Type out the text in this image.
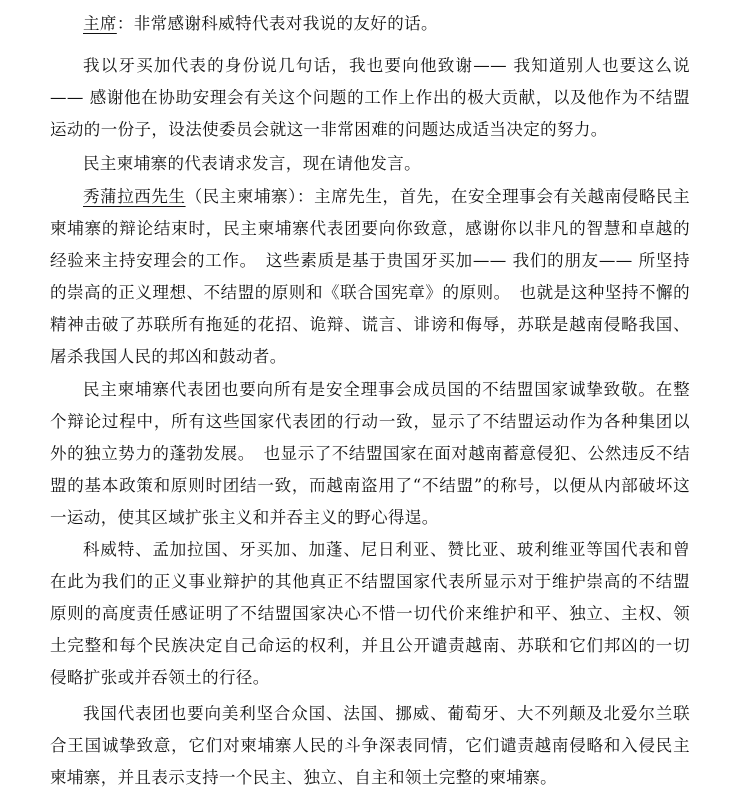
主席：非常感谢科威特代表对我说的友好的话。

我以牙买加代表的身份说几句话，我也要向他致谢—— 我知道别人也要这么说—— 感谢他在协助安理会有关这个问题的工作上作出的极大贡献，以及他作为不结盟运动的一份子，设法使委员会就这一非常困难的问题达成适当决定的努力。

民主柬埔寨的代表请求发言，现在请他发言。

秀蒲拉西先生（民主柬埔寨）：主席先生，首先，在安全理事会有关越南侵略民主柬埔寨的辩论结束时，民主柬埔寨代表团要向你致意，感谢你以非凡的智慧和卓越的经验来主持安理会的工作。　这些素质是基于贵国牙买加—— 我们的朋友—— 所坚持的崇高的正义理想、不结盟的原则和《联合国宪章》的原则。　也就是这种坚持不懈的精神击破了苏联所有拖延的花招、诡辩、谎言、诽谤和侮辱，苏联是越南侵略我国、屠杀我国人民的邦凶和鼓动者。

民主柬埔寨代表团也要向所有是安全理事会成员国的不结盟国家诚挚致敬。在整个辩论过程中，所有这些国家代表团的行动一致，显示了不结盟运动作为各种集团以外的独立势力的蓬勃发展。　也显示了不结盟国家在面对越南蓄意侵犯、公然违反不结盟的基本政策和原则时团结一致，而越南盗用了“不结盟”的称号，以便从内部破坏这一运动，使其区域扩张主义和并吞主义的野心得逞。

科威特、孟加拉国、牙买加、加蓬、尼日利亚、赞比亚、玻利维亚等国代表和曾在此为我们的正义事业辩护的其他真正不结盟国家代表所显示对于维护崇高的不结盟原则的高度责任感证明了不结盟国家决心不惜一切代价来维护和平、独立、主权、领土完整和每个民族决定自己命运的权利，并且公开谴责越南、苏联和它们邦凶的一切侵略扩张或并吞领土的行径。

我国代表团也要向美利坚合众国、法国、挪威、葡萄牙、大不列颠及北爱尔兰联合王国诚挚致意，它们对柬埔寨人民的斗争深表同情，它们谴责越南侵略和入侵民主柬埔寨，并且表示支持一个民主、独立、自主和领土完整的柬埔寨。
